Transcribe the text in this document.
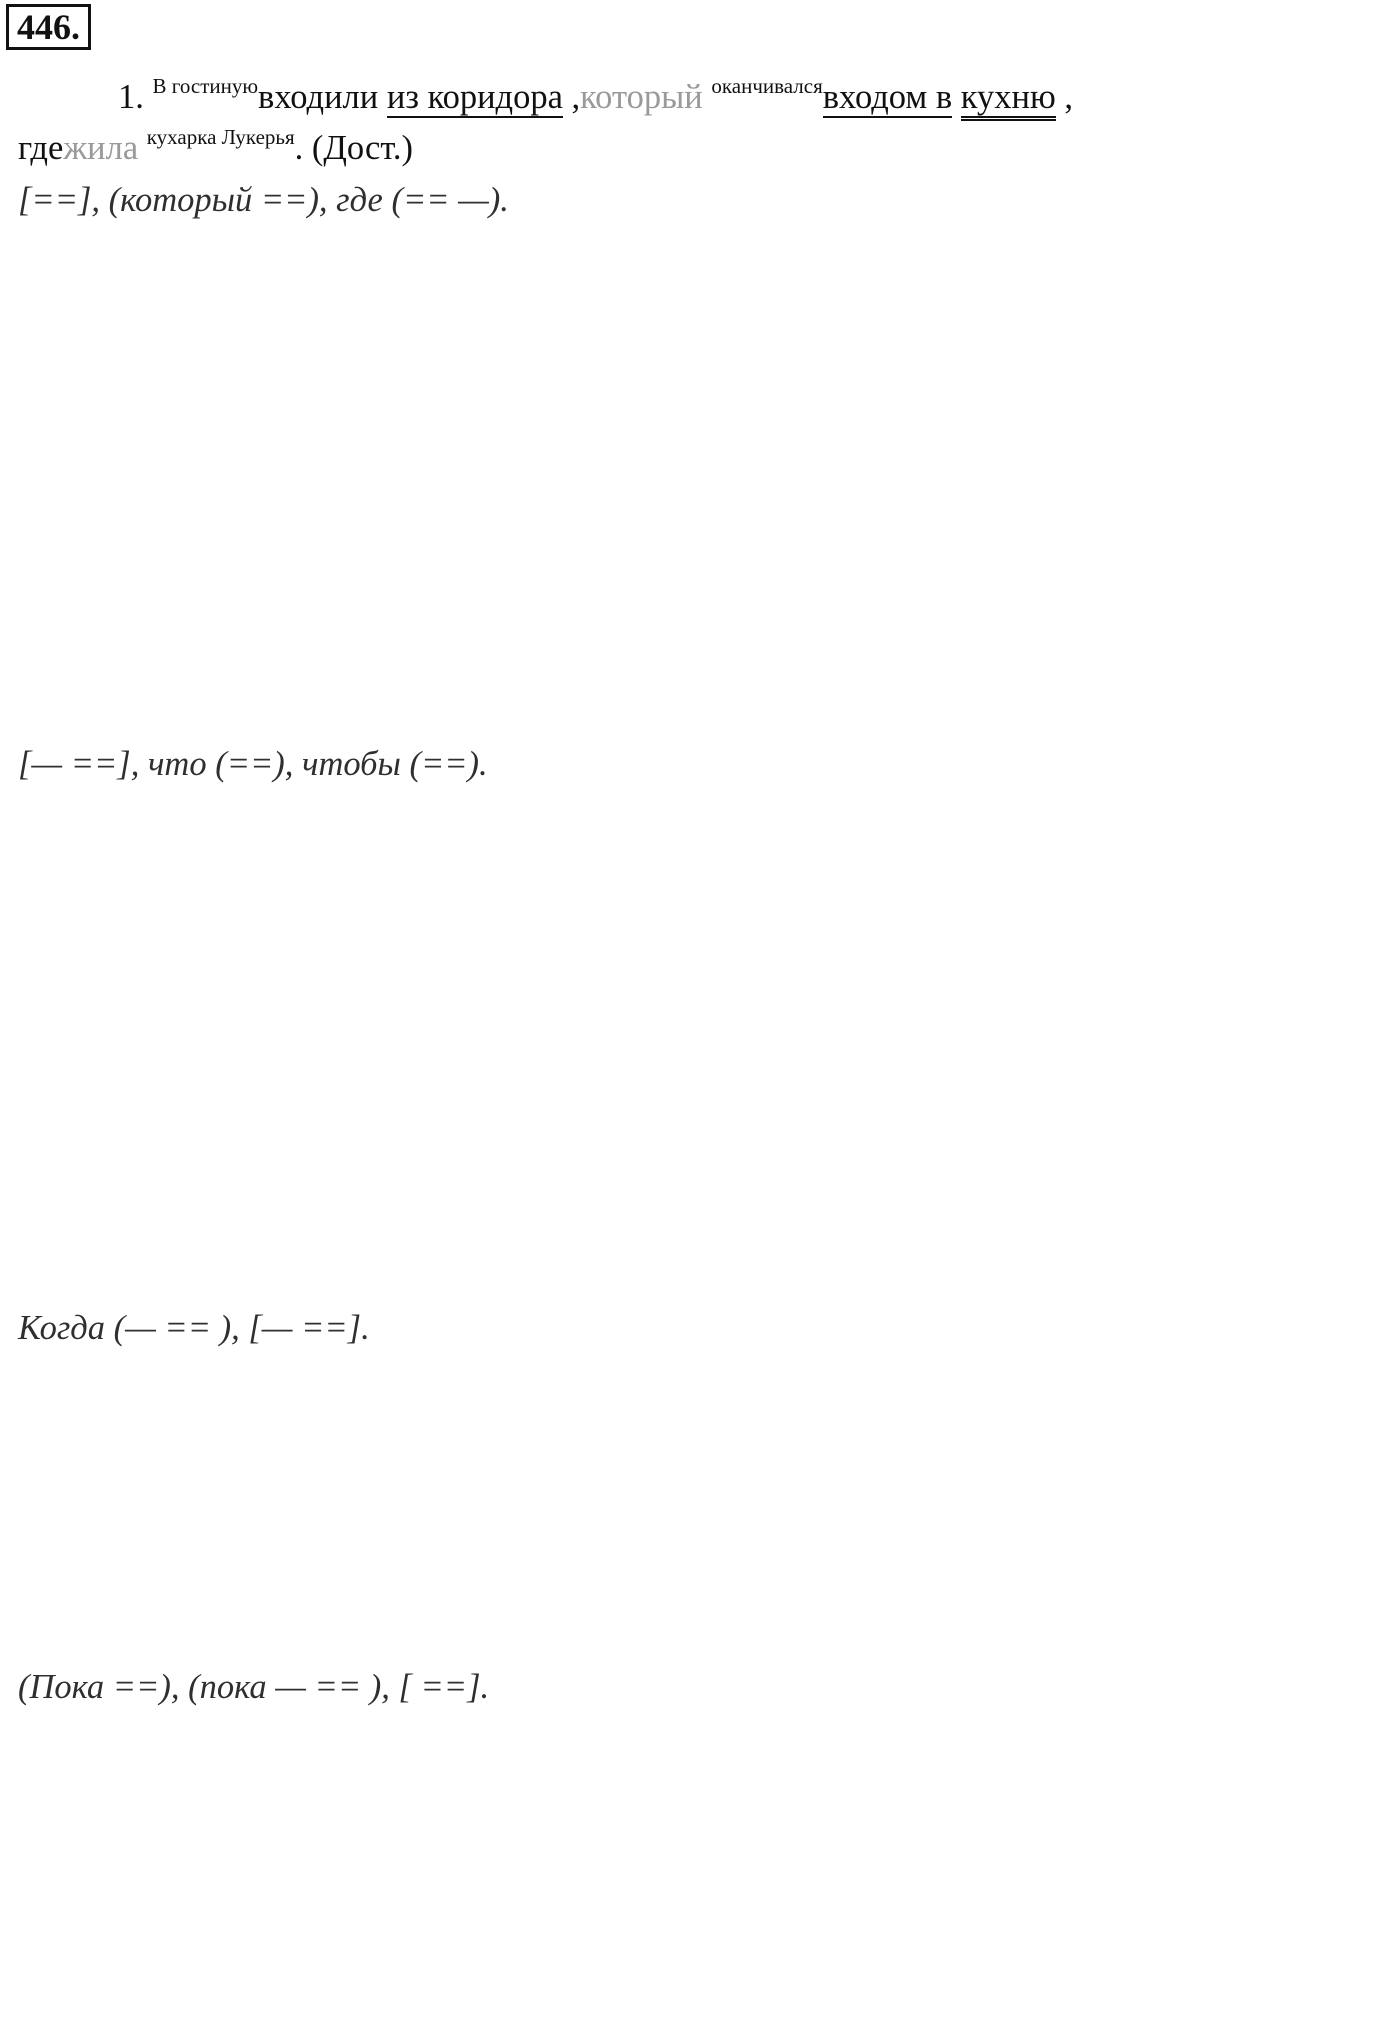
446.
1. $^{В гостиную}$входили из коридора ,который $^{оканчивался}$входом в кухню ,
гдежила $^{кухарка Лукерья}$. (Дост.)
[==], (который ==), где (== —).
[— ==], что (==), чтобы (==).
Когда (— == ), [— ==].
(Пока ==), (пока — == ), [ ==].
